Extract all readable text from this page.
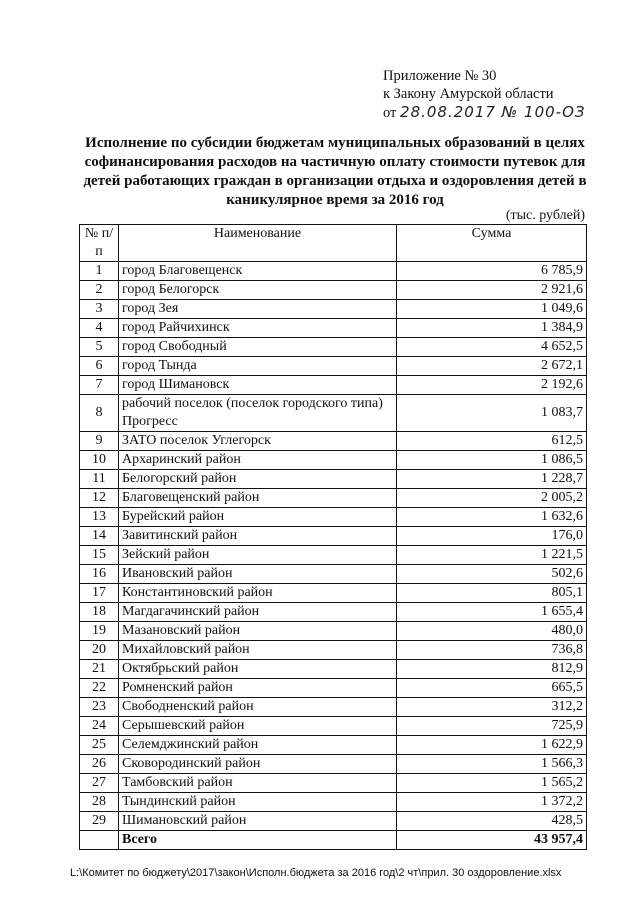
Приложение № 30
к Закону Амурской области
от 28.08.2017 № 100-ОЗ
Исполнение по субсидии бюджетам муниципальных образований в целях софинансирования расходов на частичную оплату стоимости путевок для детей работающих граждан в организации отдыха и оздоровления детей в каникулярное время за 2016 год
(тыс. рублей)
№ п/п	Наименование	Сумма
1	город Благовещенск	6 785,9
2	город Белогорск	2 921,6
3	город Зея	1 049,6
4	город Райчихинск	1 384,9
5	город Свободный	4 652,5
6	город Тында	2 672,1
7	город Шимановск	2 192,6
8	рабочий поселок (поселок городского типа) Прогресс	1 083,7
9	ЗАТО поселок Углегорск	612,5
10	Архаринский район	1 086,5
11	Белогорский район	1 228,7
12	Благовещенский район	2 005,2
13	Бурейский район	1 632,6
14	Завитинский район	176,0
15	Зейский район	1 221,5
16	Ивановский район	502,6
17	Константиновский район	805,1
18	Магдагачинский район	1 655,4
19	Мазановский район	480,0
20	Михайловский район	736,8
21	Октябрьский район	812,9
22	Ромненский район	665,5
23	Свободненский район	312,2
24	Серышевский район	725,9
25	Селемджинский район	1 622,9
26	Сковородинский район	1 566,3
27	Тамбовский район	1 565,2
28	Тындинский район	1 372,2
29	Шимановский район	428,5
	Всего	43 957,4
L:\Комитет по бюджету\2017\закон\Исполн.бюджета за 2016 год\2 чт\прил. 30 оздоровление.xlsx
